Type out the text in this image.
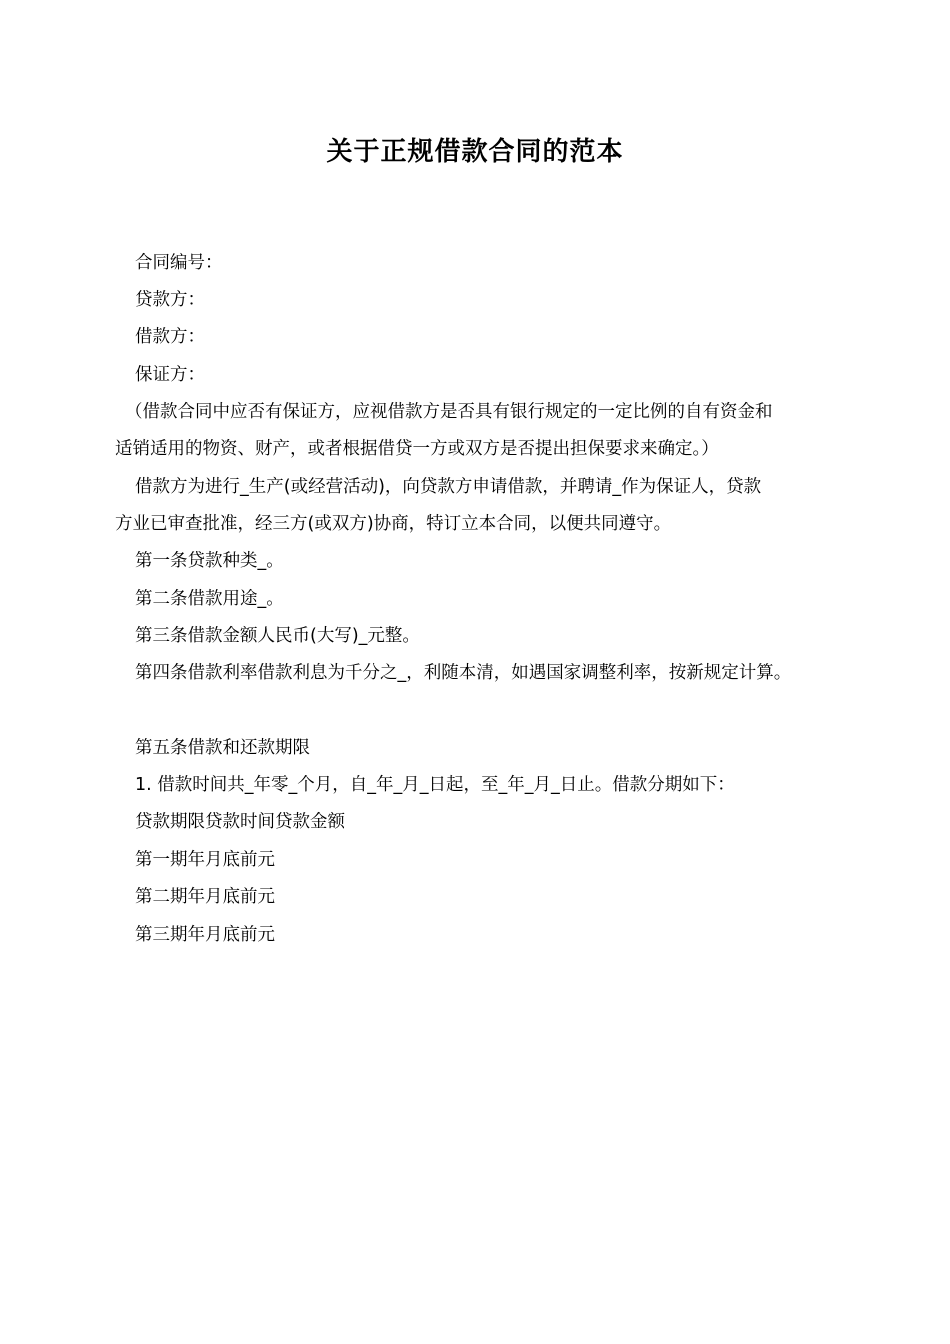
关于正规借款合同的范本
合同编号：
贷款方：
借款方：
保证方：
（借款合同中应否有保证方，应视借款方是否具有银行规定的一定比例的自有资金和
适销适用的物资、财产，或者根据借贷一方或双方是否提出担保要求来确定。）
借款方为进行_生产(或经营活动)，向贷款方申请借款，并聘请_作为保证人，贷款
方业已审查批准，经三方(或双方)协商，特订立本合同，以便共同遵守。
第一条贷款种类_。
第二条借款用途_。
第三条借款金额人民币(大写)_元整。
第四条借款利率借款利息为千分之_，利随本清，如遇国家调整利率，按新规定计算。
第五条借款和还款期限
1. 借款时间共_年零_个月，自_年_月_日起，至_年_月_日止。借款分期如下：
贷款期限贷款时间贷款金额
第一期年月底前元
第二期年月底前元
第三期年月底前元
